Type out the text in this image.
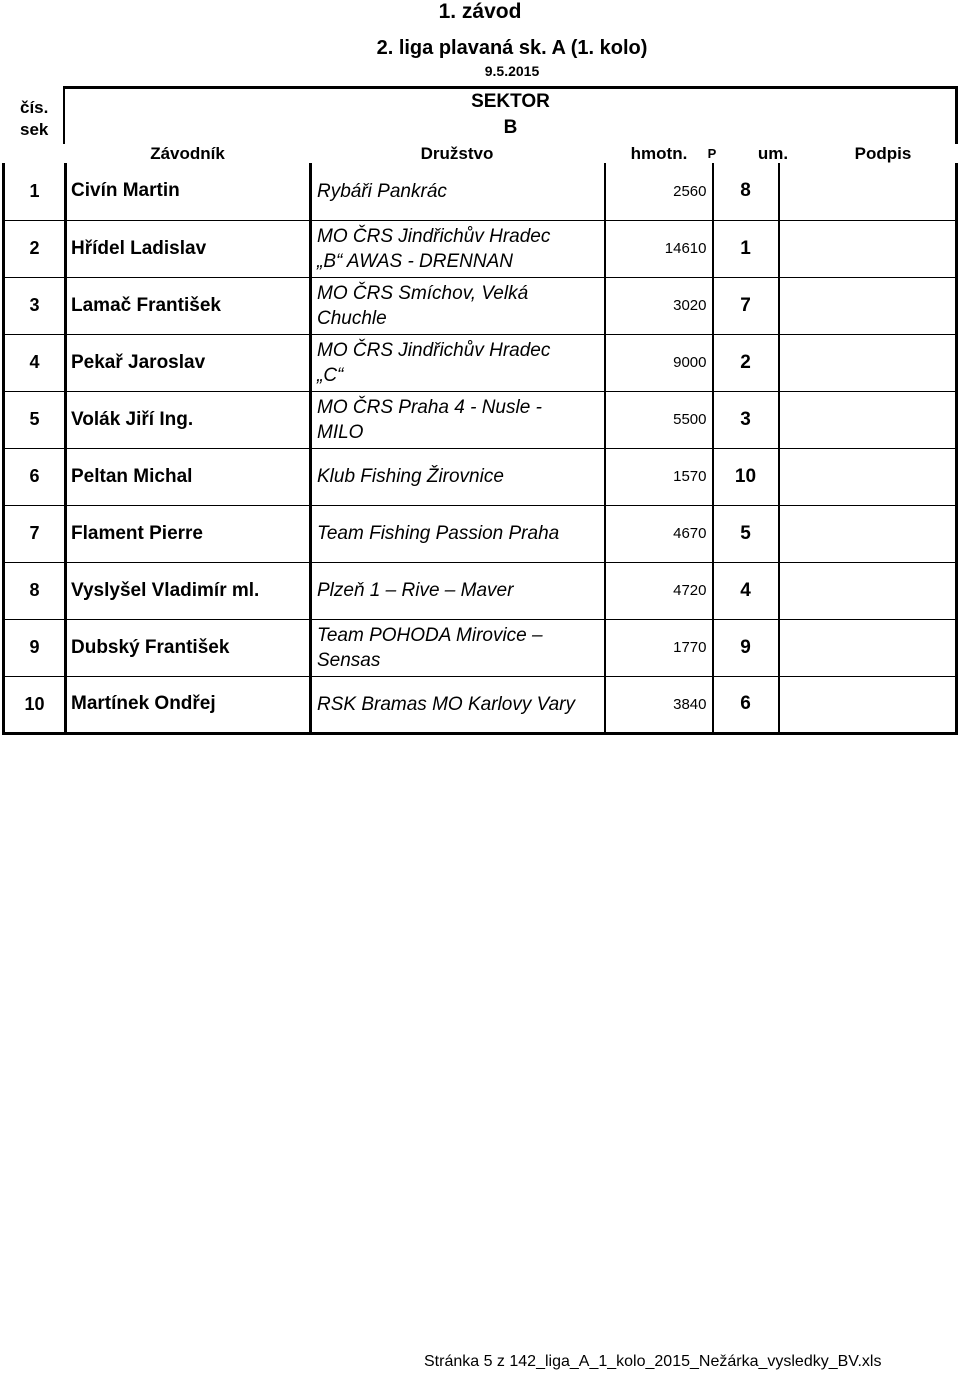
1. závod
2. liga plavaná sk. A (1. kolo)
9.5.2015
čís.
sek
SEKTOR
B
Závodník	Družstvo	hmotn.	P	um.	Podpis
1	Civín Martin	Rybáři Pankrác	2560		8	
2	Hřídel Ladislav	MO ČRS Jindřichův Hradec
„B“ AWAS - DRENNAN	14610		1	
3	Lamač František	MO ČRS Smíchov, Velká
Chuchle	3020		7	
4	Pekař Jaroslav	MO ČRS Jindřichův Hradec
„C“	9000		2	
5	Volák Jiří Ing.	MO ČRS Praha 4 - Nusle -
MILO	5500		3	
6	Peltan Michal	Klub Fishing Žirovnice	1570		10	
7	Flament Pierre	Team Fishing Passion Praha	4670		5	
8	Vyslyšel Vladimír ml.	Plzeň 1 – Rive – Maver	4720		4	
9	Dubský František	Team POHODA Mirovice –
Sensas	1770		9	
10	Martínek Ondřej	RSK Bramas MO Karlovy Vary	3840		6	
Stránka 5 z 142_liga_A_1_kolo_2015_Nežárka_vysledky_BV.xls
